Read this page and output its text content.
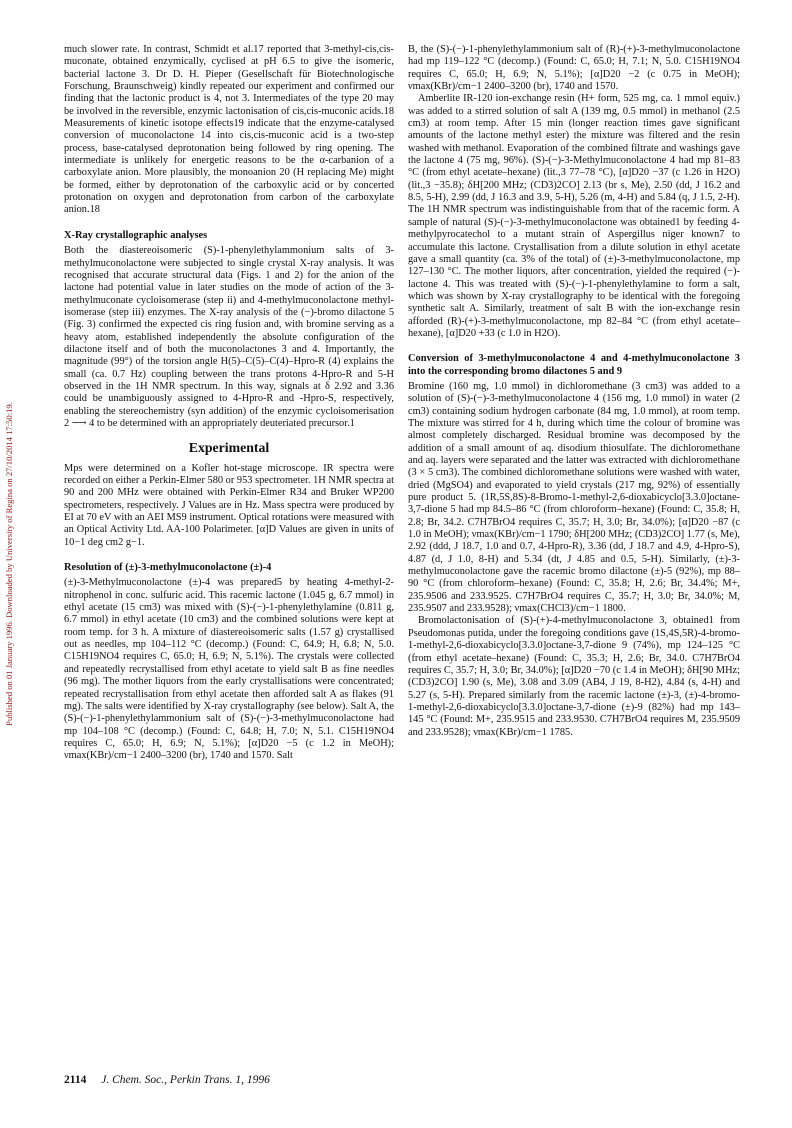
Published on 01 January 1996. Downloaded by University of Regina on 27/10/2014 17:50:19.

much slower rate. In contrast, Schmidt et al.17 reported that 3-methyl-cis,cis-muconate, obtained enzymically, cyclised at pH 6.5 to give the isomeric, bacterial lactone 3. Dr D. H. Pieper (Gesellschaft für Biotechnologische Forschung, Braunschweig) kindly repeated our experiment and confirmed our finding that the lactonic product is 4, not 3. Intermediates of the type 20 may be involved in the reversible, enzymic lactonisation of cis,cis-muconic acids.18 Measurements of kinetic isotope effects19 indicate that the enzyme-catalysed conversion of muconolactone 14 into cis,cis-muconic acid is a two-step process, base-catalysed deprotonation being followed by ring opening. The intermediate is unlikely for energetic reasons to be the α-carbanion of a carboxylate anion. More plausibly, the monoanion 20 (H replacing Me) might be formed, either by deprotonation of the carboxylic acid or by concerted protonation on oxygen and deprotonation from carbon of the carboxylate anion.18

X-Ray crystallographic analyses

Both the diastereoisomeric (S)-1-phenylethylammonium salts of 3-methylmuconolactone were subjected to single crystal X-ray analysis. It was recognised that accurate structural data (Figs. 1 and 2) for the anion of the lactone had potential value in later studies on the mode of action of the 3-methylmuconate cycloisomerase (step ii) and 4-methylmuconolactone methyl-isomerase (step iii) enzymes. The X-ray analysis of the (−)-bromo dilactone 5 (Fig. 3) confirmed the expected cis ring fusion and, with bromine serving as a heavy atom, established independently the absolute configuration of the dilactone itself and of both the muconolactones 3 and 4. Importantly, the magnitude (99°) of the torsion angle H(5)–C(5)–C(4)–Hpro-R (4) explains the small (ca. 0.7 Hz) coupling between the trans protons 4-Hpro-R and 5-H observed in the 1H NMR spectrum. In this way, signals at δ 2.92 and 3.36 could be unambiguously assigned to 4-Hpro-R and -Hpro-S, respectively, enabling the stereochemistry (syn addition) of the enzymic cycloisomerisation 2 ⟶ 4 to be determined with an appropriately deuteriated precursor.1

Experimental

Mps were determined on a Kofler hot-stage microscope. IR spectra were recorded on either a Perkin-Elmer 580 or 953 spectrometer. 1H NMR spectra at 90 and 200 MHz were obtained with Perkin-Elmer R34 and Bruker WP200 spectrometers, respectively. J Values are in Hz. Mass spectra were produced by EI at 70 eV with an AEI MS9 instrument. Optical rotations were measured with an Optical Activity Ltd. AA-100 Polarimeter. [α]D Values are given in units of 10−1 deg cm2 g−1.

Resolution of (±)-3-methylmuconolactone (±)-4

(±)-3-Methylmuconolactone (±)-4 was prepared5 by heating 4-methyl-2-nitrophenol in conc. sulfuric acid. This racemic lactone (1.045 g, 6.7 mmol) in ethyl acetate (15 cm3) was mixed with (S)-(−)-1-phenylethylamine (0.811 g, 6.7 mmol) in ethyl acetate (10 cm3) and the combined solutions were kept at room temp. for 3 h. A mixture of diastereoisomeric salts (1.57 g) crystallised out as needles, mp 104–112 °C (decomp.) (Found: C, 64.9; H, 6.8; N, 5.0. C15H19NO4 requires C, 65.0; H, 6.9; N, 5.1%). The crystals were collected and repeatedly recrystallised from ethyl acetate to yield salt B as fine needles (96 mg). The mother liquors from the early crystallisations were concentrated; repeated recrystallisation from ethyl acetate then afforded salt A as flakes (91 mg). The salts were identified by X-ray crystallography (see below). Salt A, the (S)-(−)-1-phenylethylammonium salt of (S)-(−)-3-methylmuconolactone had mp 104–108 °C (decomp.) (Found: C, 64.8; H, 7.0; N, 5.1. C15H19NO4 requires C, 65.0; H, 6.9; N, 5.1%); [α]D20 −5 (c 1.2 in MeOH); νmax(KBr)/cm−1 2400–3200 (br), 1740 and 1570. Salt

B, the (S)-(−)-1-phenylethylammonium salt of (R)-(+)-3-methylmuconolactone had mp 119–122 °C (decomp.) (Found: C, 65.0; H, 7.1; N, 5.0. C15H19NO4 requires C, 65.0; H, 6.9; N, 5.1%); [α]D20 −2 (c 0.75 in MeOH); νmax(KBr)/cm−1 2400–3200 (br), 1740 and 1570.

Amberlite IR-120 ion-exchange resin (H+ form, 525 mg, ca. 1 mmol equiv.) was added to a stirred solution of salt A (139 mg, 0.5 mmol) in methanol (2.5 cm3) at room temp. After 15 min (longer reaction times gave significant amounts of the lactone methyl ester) the mixture was filtered and the resin washed with methanol. Evaporation of the combined filtrate and washings gave the lactone 4 (75 mg, 96%). (S)-(−)-3-Methylmuconolactone 4 had mp 81–83 °C (from ethyl acetate–hexane) (lit.,3 77–78 °C), [α]D20 −37 (c 1.26 in H2O) (lit.,3 −35.8); δH[200 MHz; (CD3)2CO] 2.13 (br s, Me), 2.50 (dd, J 16.2 and 8.5, 5-H), 2.99 (dd, J 16.3 and 3.9, 5-H), 5.26 (m, 4-H) and 5.84 (q, J 1.5, 2-H). The 1H NMR spectrum was indistinguishable from that of the racemic form. A sample of natural (S)-(−)-3-methylmuconolactone was obtained1 by feeding 4-methylpyrocatechol to a mutant strain of Aspergillus niger known7 to accumulate this lactone. Crystallisation from a dilute solution in ethyl acetate gave a small quantity (ca. 3% of the total) of (±)-3-methylmuconolactone, mp 127–130 °C. The mother liquors, after concentration, yielded the required (−)-lactone 4. This was treated with (S)-(−)-1-phenylethylamine to form a salt, which was shown by X-ray crystallography to be identical with the foregoing synthetic salt A. Similarly, treatment of salt B with the ion-exchange resin afforded (R)-(+)-3-methylmuconolactone, mp 82–84 °C (from ethyl acetate–hexane), [α]D20 +33 (c 1.0 in H2O).

Conversion of 3-methylmuconolactone 4 and 4-methylmuconolactone 3 into the corresponding bromo dilactones 5 and 9

Bromine (160 mg, 1.0 mmol) in dichloromethane (3 cm3) was added to a solution of (S)-(−)-3-methylmuconolactone 4 (156 mg, 1.0 mmol) in water (2 cm3) containing sodium hydrogen carbonate (84 mg, 1.0 mmol), at room temp. The mixture was stirred for 4 h, during which time the colour of bromine was almost completely discharged. Residual bromine was decomposed by the addition of a small amount of aq. disodium thiosulfate. The dichloromethane and aq. layers were separated and the latter was extracted with dichloromethane (3 × 5 cm3). The combined dichloromethane solutions were washed with water, dried (MgSO4) and evaporated to yield crystals (217 mg, 92%) of essentially pure product 5. (1R,5S,8S)-8-Bromo-1-methyl-2,6-dioxabicyclo[3.3.0]octane-3,7-dione 5 had mp 84.5–86 °C (from chloroform–hexane) (Found: C, 35.8; H, 2.8; Br, 34.2. C7H7BrO4 requires C, 35.7; H, 3.0; Br, 34.0%); [α]D20 −87 (c 1.0 in MeOH); νmax(KBr)/cm−1 1790; δH[200 MHz; (CD3)2CO] 1.77 (s, Me), 2.92 (ddd, J 18.7, 1.0 and 0.7, 4-Hpro-R), 3.36 (dd, J 18.7 and 4.9, 4-Hpro-S), 4.87 (d, J 1.0, 8-H) and 5.34 (dt, J 4.85 and 0.5, 5-H). Similarly, (±)-3-methylmuconolactone gave the racemic bromo dilactone (±)-5 (92%), mp 88–90 °C (from chloroform–hexane) (Found: C, 35.8; H, 2.6; Br, 34.4%; M+, 235.9506 and 233.9525. C7H7BrO4 requires C, 35.7; H, 3.0; Br, 34.0%; M, 235.9507 and 233.9528); νmax(CHCl3)/cm−1 1800.

Bromolactonisation of (S)-(+)-4-methylmuconolactone 3, obtained1 from Pseudomonas putida, under the foregoing conditions gave (1S,4S,5R)-4-bromo-1-methyl-2,6-dioxabicyclo[3.3.0]octane-3,7-dione 9 (74%), mp 124–125 °C (from ethyl acetate–hexane) (Found: C, 35.3; H, 2.6; Br, 34.0. C7H7BrO4 requires C, 35.7; H, 3.0; Br, 34.0%); [α]D20 −70 (c 1.4 in MeOH); δH[90 MHz; (CD3)2CO] 1.90 (s, Me), 3.08 and 3.09 (AB4, J 19, 8-H2), 4.84 (s, 4-H) and 5.27 (s, 5-H). Prepared similarly from the racemic lactone (±)-3, (±)-4-bromo-1-methyl-2,6-dioxabicyclo[3.3.0]octane-3,7-dione (±)-9 (82%) had mp 143–145 °C (Found: M+, 235.9515 and 233.9530. C7H7BrO4 requires M, 235.9509 and 233.9528); νmax(KBr)/cm−1 1785.

2114 J. Chem. Soc., Perkin Trans. 1, 1996
